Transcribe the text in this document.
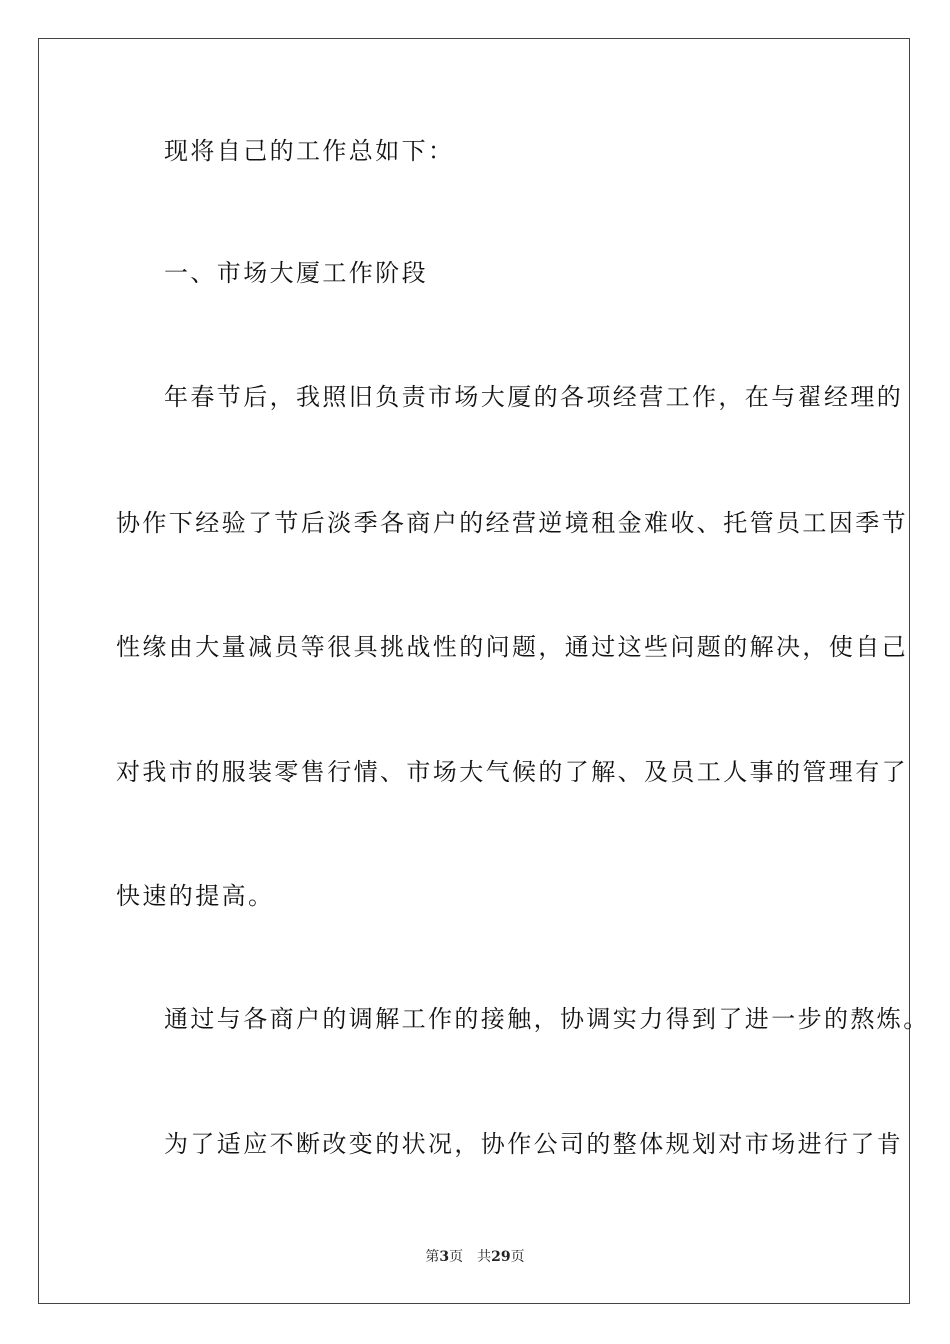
现将自己的工作总如下：
一、市场大厦工作阶段
年春节后，我照旧负责市场大厦的各项经营工作，在与翟经理的
协作下经验了节后淡季各商户的经营逆境租金难收、托管员工因季节
性缘由大量减员等很具挑战性的问题，通过这些问题的解决，使自己
对我市的服装零售行情、市场大气候的了解、及员工人事的管理有了
快速的提高。
通过与各商户的调解工作的接触，协调实力得到了进一步的熬炼。
为了适应不断改变的状况，协作公司的整体规划对市场进行了肯
第3页 共29页
